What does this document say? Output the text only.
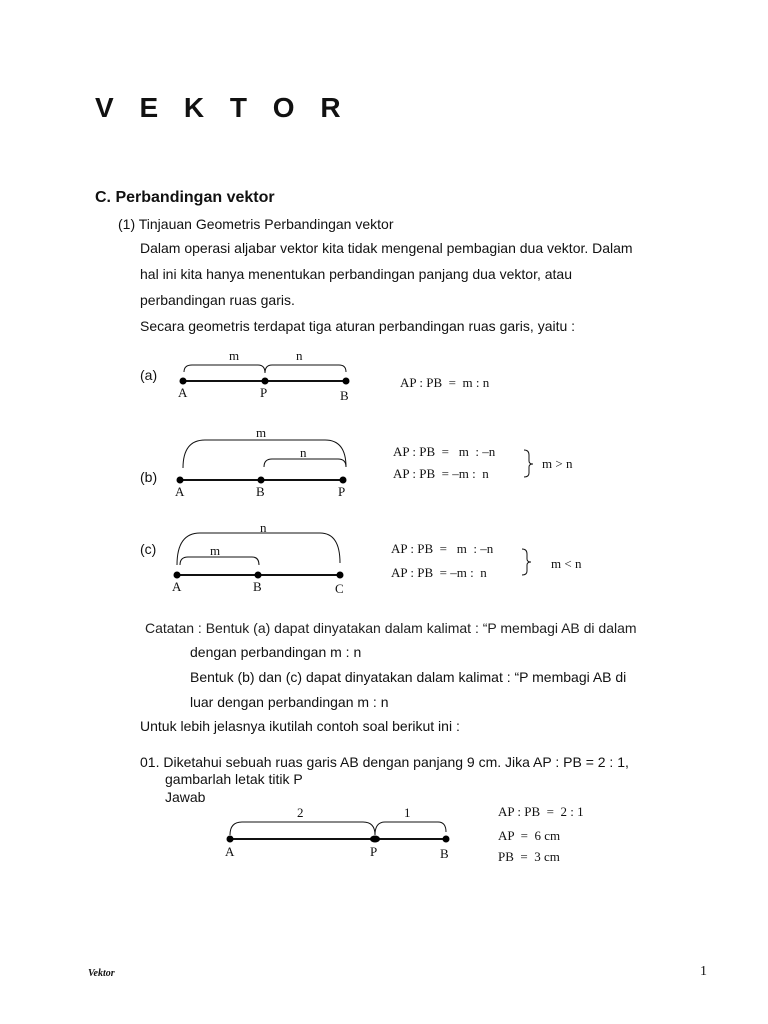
V E K T O R
C. Perbandingan vektor
(1) Tinjauan Geometris Perbandingan vektor
Dalam operasi aljabar vektor kita tidak mengenal pembagian dua vektor. Dalam
hal ini kita hanya menentukan perbandingan panjang dua vektor, atau
perbandingan ruas garis.
Secara geometris terdapat tiga aturan perbandingan ruas garis, yaitu :
Catatan : Bentuk (a) dapat dinyatakan dalam kalimat : “P membagi AB di dalam
dengan perbandingan m : n
Bentuk (b) dan (c) dapat dinyatakan dalam kalimat : “P membagi AB di
luar dengan perbandingan m : n
Untuk lebih jelasnya ikutilah contoh soal berikut ini :
01. Diketahui sebuah ruas garis AB dengan panjang 9 cm. Jika AP : PB = 2 : 1,
gambarlah letak titik P
Jawab
(a)
m	n
A	P	B
AP : PB  =  m : n
(b)
m
n
A	B	P
AP : PB  =   m  : –n
AP : PB  = –m :  n
m > n
(c)
n
m
A	B	C
AP : PB  =   m  : –n
AP : PB  = –m :  n
m < n
2	1
A	P	B
AP : PB  =  2 : 1
AP  =  6 cm
PB  =  3 cm
Vektor	1
